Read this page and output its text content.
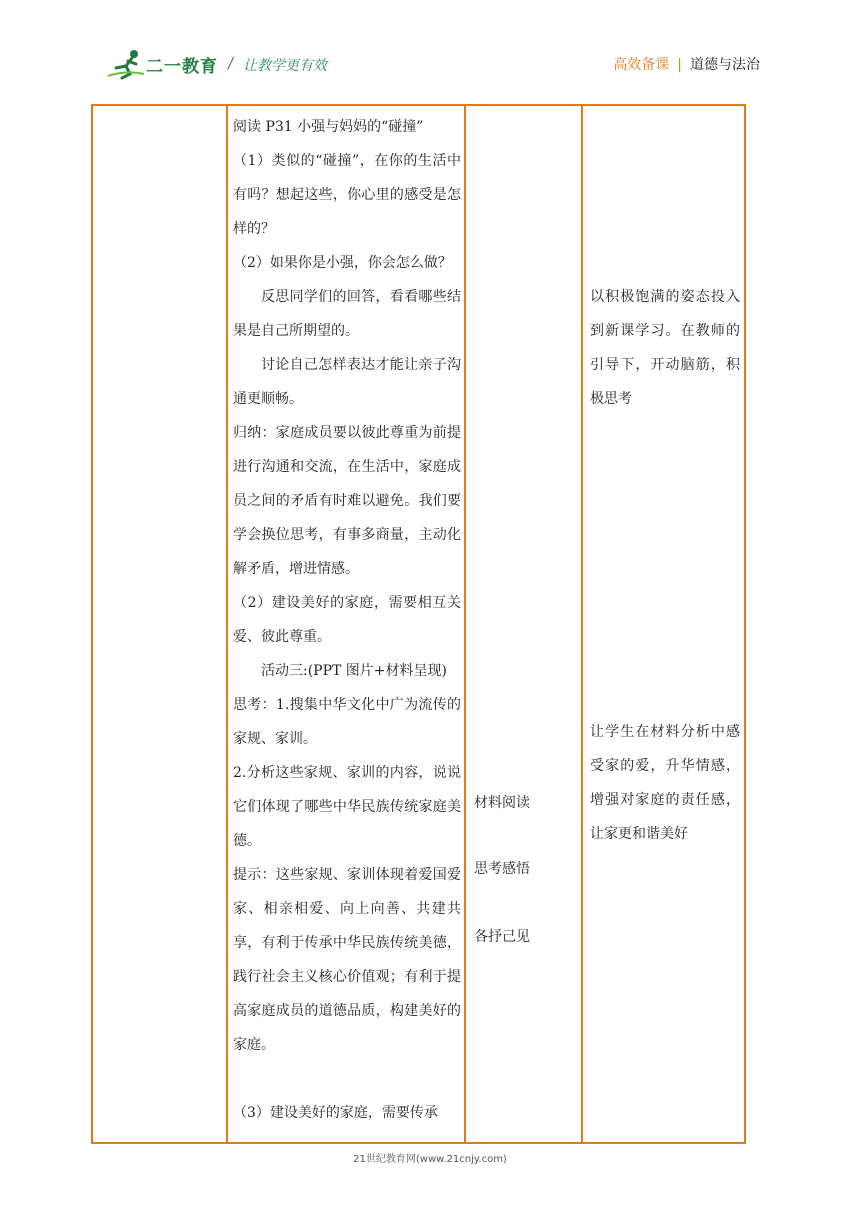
二一教育 / 让教学更有效	高效备课 | 道德与法治

阅读 P31 小强与妈妈的“碰撞”

（1）类似的“碰撞”，在你的生活中有吗？想起这些，你心里的感受是怎样的？

（2）如果你是小强，你会怎么做？

反思同学们的回答，看看哪些结果是自己所期望的。

讨论自己怎样表达才能让亲子沟通更顺畅。

归纳：家庭成员要以彼此尊重为前提进行沟通和交流，在生活中，家庭成员之间的矛盾有时难以避免。我们要学会换位思考，有事多商量，主动化解矛盾，增进情感。

（2）建设美好的家庭，需要相互关爱、彼此尊重。

活动三:(PPT 图片+材料呈现)

思考：1.搜集中华文化中广为流传的家规、家训。

2.分析这些家规、家训的内容，说说它们体现了哪些中华民族传统家庭美德。

提示：这些家规、家训体现着爱国爱家、相亲相爱、向上向善、共建共享，有利于传承中华民族传统美德，践行社会主义核心价值观；有利于提高家庭成员的道德品质，构建美好的家庭。

（3）建设美好的家庭，需要传承

材料阅读
思考感悟
各抒己见

以积极饱满的姿态投入到新课学习。在教师的引导下，开动脑筋，积极思考

让学生在材料分析中感受家的爱，升华情感，增强对家庭的责任感，让家更和谐美好

21世纪教育网(www.21cnjy.com)
